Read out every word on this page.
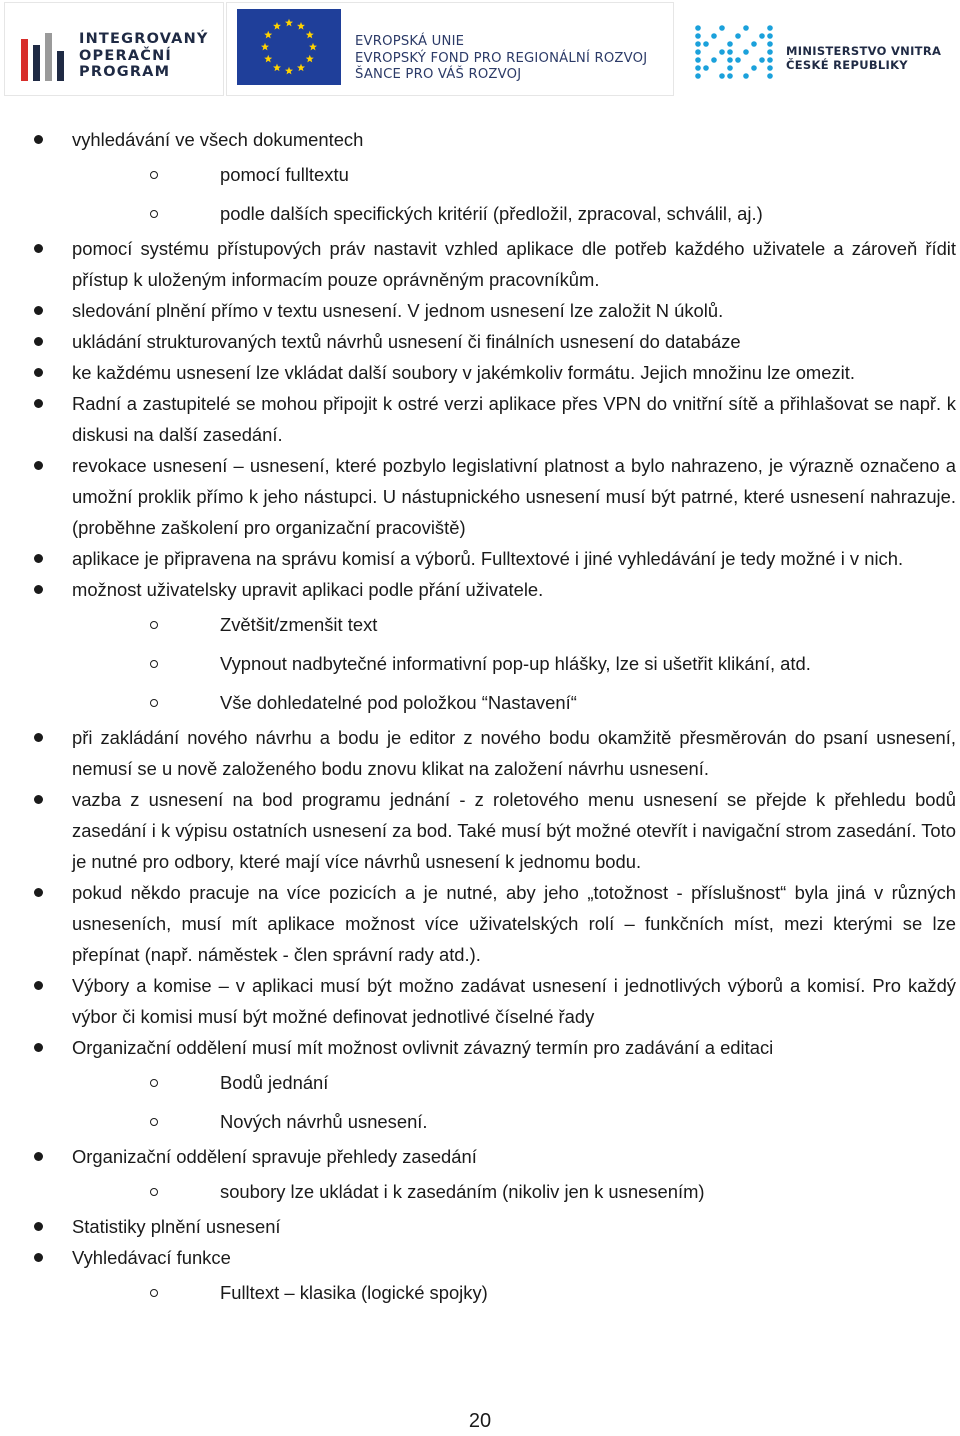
INTEGROVANÝ
OPERAČNÍ
PROGRAM
EVROPSKÁ UNIE
EVROPSKÝ FOND PRO REGIONÁLNÍ ROZVOJ
ŠANCE PRO VÁŠ ROZVOJ
MINISTERSTVO VNITRA
ČESKÉ REPUBLIKY

vyhledávání ve všech dokumentech

pomocí fulltextu

podle dalších specifických kritérií (předložil, zpracoval, schválil, aj.)

pomocí systému přístupových práv nastavit vzhled aplikace dle potřeb každého uživatele a zároveň řídit přístup k uloženým informacím pouze oprávněným pracovníkům.

sledování plnění přímo v textu usnesení. V jednom usnesení lze založit N úkolů.

ukládání strukturovaných textů návrhů usnesení či finálních usnesení do databáze

ke každému usnesení lze vkládat další soubory v jakémkoliv formátu. Jejich množinu lze omezit.

Radní a zastupitelé se mohou připojit k ostré verzi aplikace přes VPN do vnitřní sítě a přihlašovat se např. k diskusi na další zasedání.

revokace usnesení – usnesení, které pozbylo legislativní platnost a bylo nahrazeno, je výrazně označeno a umožní proklik přímo k jeho nástupci. U nástupnického usnesení musí být patrné, které usnesení nahrazuje. (proběhne zaškolení pro organizační pracoviště)

aplikace je připravena na správu komisí a výborů. Fulltextové i jiné vyhledávání je tedy možné i v nich.

možnost uživatelsky upravit aplikaci podle přání uživatele.

Zvětšit/zmenšit text

Vypnout nadbytečné informativní pop-up hlášky, lze si ušetřit klikání, atd.

Vše dohledatelné pod položkou “Nastavení“

při zakládání nového návrhu a bodu je editor z nového bodu okamžitě přesměrován do psaní usnesení, nemusí se u nově založeného bodu znovu klikat na založení návrhu usnesení.

vazba z usnesení na bod programu jednání - z roletového menu usnesení se přejde k přehledu bodů zasedání i k výpisu ostatních usnesení za bod. Také musí být možné otevřít i navigační strom zasedání. Toto je nutné pro odbory, které mají více návrhů usnesení k jednomu bodu.

pokud někdo pracuje na více pozicích a je nutné, aby jeho „totožnost - příslušnost“ byla jiná v různých usneseních, musí mít aplikace možnost více uživatelských rolí – funkčních míst, mezi kterými se lze přepínat (např. náměstek - člen správní rady atd.).

Výbory a komise – v aplikaci musí být možno zadávat usnesení i jednotlivých výborů a komisí. Pro každý výbor či komisi musí být možné definovat jednotlivé číselné řady

Organizační oddělení musí mít možnost ovlivnit závazný termín pro zadávání a editaci

Bodů jednání

Nových návrhů usnesení.

Organizační oddělení spravuje přehledy zasedání

soubory lze ukládat i k zasedáním (nikoliv jen k usnesením)

Statistiky plnění usnesení

Vyhledávací funkce

Fulltext – klasika (logické spojky)

20
